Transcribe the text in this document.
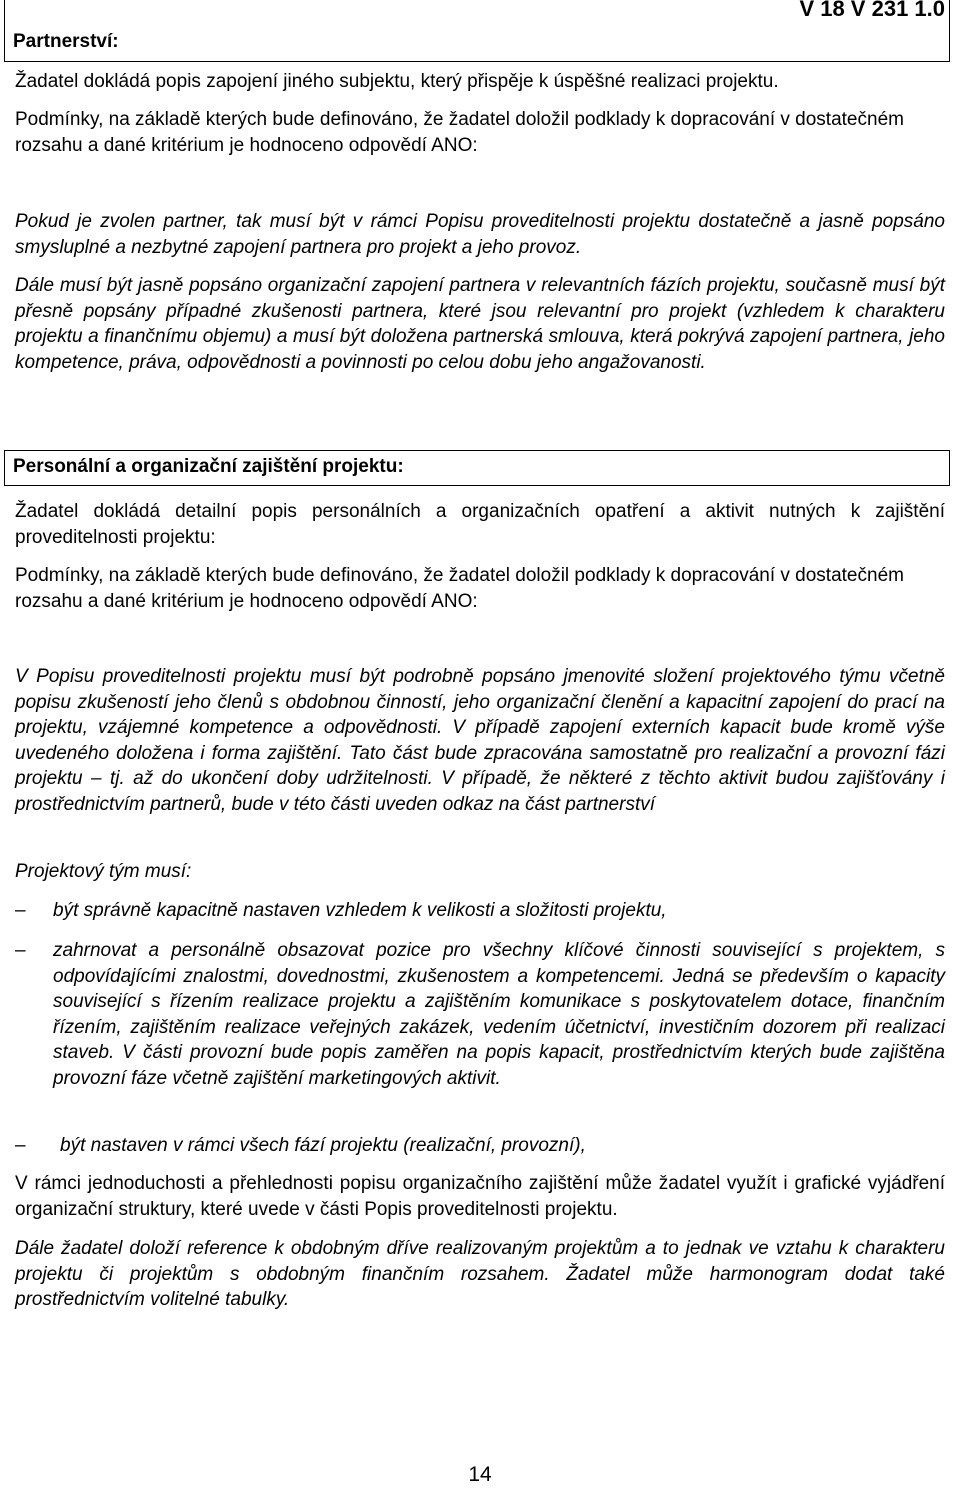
Partnerství:
V 18 V 231 1.0

Žadatel dokládá popis zapojení jiného subjektu, který přispěje k úspěšné realizaci projektu.

Podmínky, na základě kterých bude definováno, že žadatel doložil podklady k dopracování v dostatečném rozsahu a dané kritérium je hodnoceno odpovědí ANO:

Pokud je zvolen partner, tak musí být v rámci Popisu proveditelnosti projektu dostatečně a jasně popsáno smysluplné a nezbytné zapojení partnera pro projekt a jeho provoz.

Dále musí být jasně popsáno organizační zapojení partnera v relevantních fázích projektu, současně musí být přesně popsány případné zkušenosti partnera, které jsou relevantní pro projekt (vzhledem k charakteru projektu a finančnímu objemu) a musí být doložena partnerská smlouva, která pokrývá zapojení partnera, jeho kompetence, práva, odpovědnosti a povinnosti po celou dobu jeho angažovanosti.

Personální a organizační zajištění projektu:

Žadatel dokládá detailní popis personálních a organizačních opatření a aktivit nutných k zajištění proveditelnosti projektu:

Podmínky, na základě kterých bude definováno, že žadatel doložil podklady k dopracování v dostatečném rozsahu a dané kritérium je hodnoceno odpovědí ANO:

V Popisu proveditelnosti projektu musí být podrobně popsáno jmenovité složení projektového týmu včetně popisu zkušeností jeho členů s obdobnou činností, jeho organizační členění a kapacitní zapojení do prací na projektu, vzájemné kompetence a odpovědnosti. V případě zapojení externích kapacit bude kromě výše uvedeného doložena i forma zajištění. Tato část bude zpracována samostatně pro realizační a provozní fázi projektu – tj. až do ukončení doby udržitelnosti. V případě, že některé z těchto aktivit budou zajišťovány i prostřednictvím partnerů, bude v této části uveden odkaz na část partnerství

Projektový tým musí:

– být správně kapacitně nastaven vzhledem k velikosti a složitosti projektu,
– zahrnovat a personálně obsazovat pozice pro všechny klíčové činnosti související s projektem, s odpovídajícími znalostmi, dovednostmi, zkušenostem a kompetencemi. Jedná se především o kapacity související s řízením realizace projektu a zajištěním komunikace s poskytovatelem dotace, finančním řízením, zajištěním realizace veřejných zakázek, vedením účetnictví, investičním dozorem při realizaci staveb. V části provozní bude popis zaměřen na popis kapacit, prostřednictvím kterých bude zajištěna provozní fáze včetně zajištění marketingových aktivit.
– být nastaven v rámci všech fází projektu (realizační, provozní),

V rámci jednoduchosti a přehlednosti popisu organizačního zajištění může žadatel využít i grafické vyjádření organizační struktury, které uvede v části Popis proveditelnosti projektu.

Dále žadatel doloží reference k obdobným dříve realizovaným projektům a to jednak ve vztahu k charakteru projektu či projektům s obdobným finančním rozsahem. Žadatel může harmonogram dodat také prostřednictvím volitelné tabulky.

14
